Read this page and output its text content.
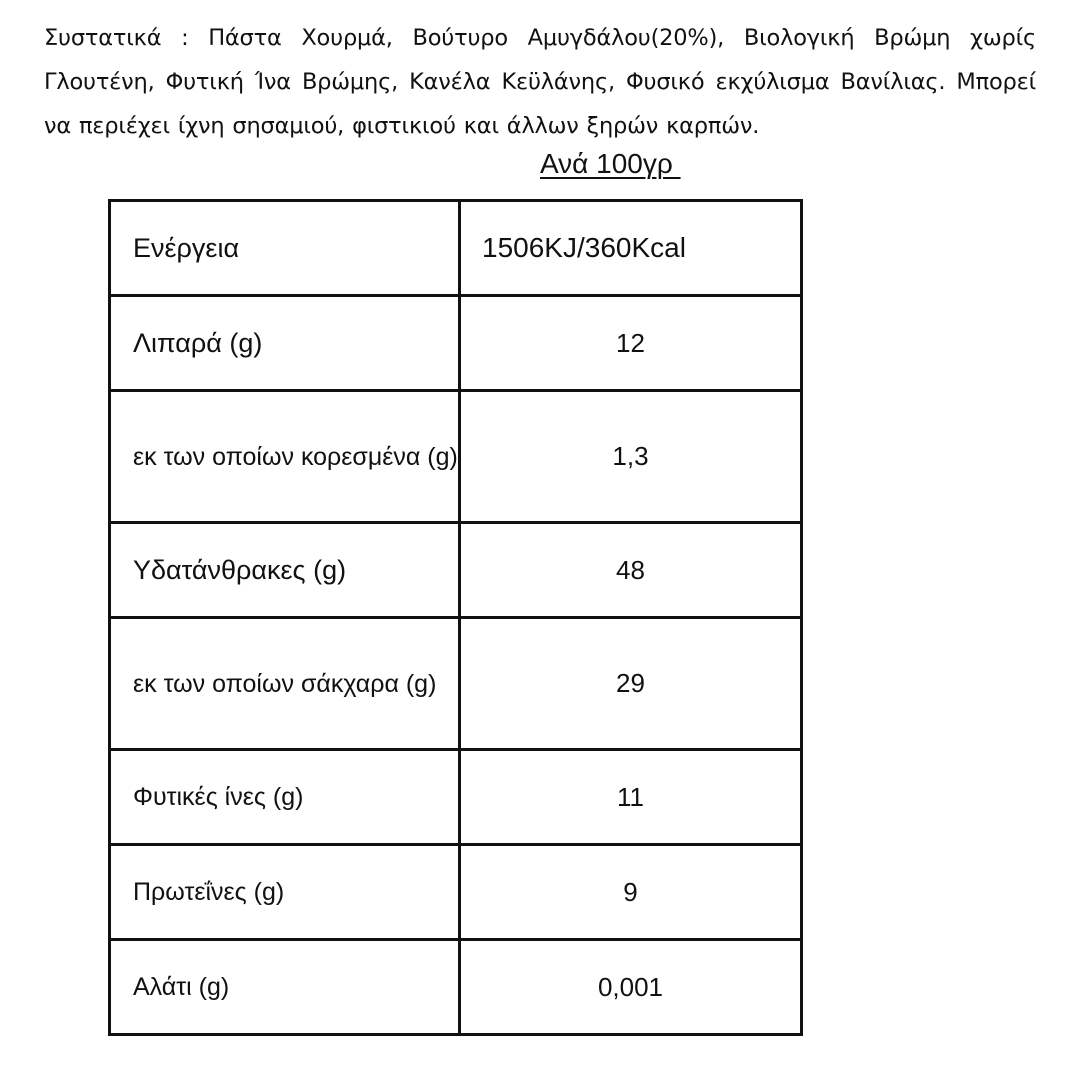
Συστατικά : Πάστα Χουρμά, Βούτυρο Αμυγδάλου(20%), Βιολογική Βρώμη χωρίς Γλουτένη, Φυτική Ίνα Βρώμης, Κανέλα Κεϋλάνης, Φυσικό εκχύλισμα Βανίλιας. Μπορεί να περιέχει ίχνη σησαμιού, φιστικιού και άλλων ξηρών καρπών.
Ανά 100γρ
Ενέργεια	1506KJ/360Kcal
Λιπαρά (g)	12
εκ των οποίων κορεσμένα (g)	1,3
Υδατάνθρακες (g)	48
εκ των οποίων σάκχαρα (g)	29
Φυτικές ίνες (g)	11
Πρωτεΐνες (g)	9
Αλάτι (g)	0,001
